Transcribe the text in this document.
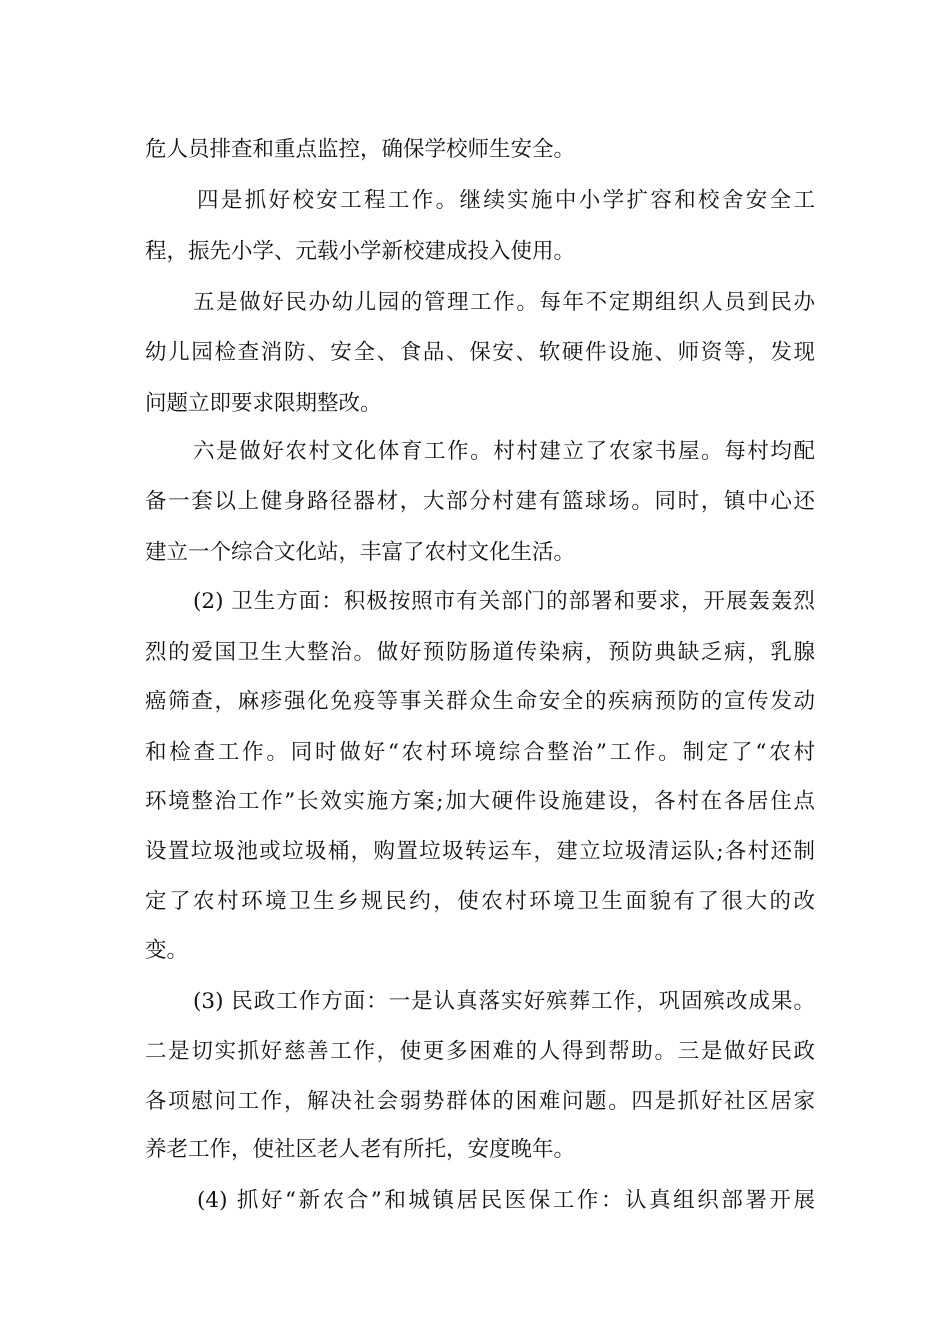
危人员排查和重点监控，确保学校师生安全。
四是抓好校安工程工作。继续实施中小学扩容和校舍安全工
程，振先小学、元载小学新校建成投入使用。
五是做好民办幼儿园的管理工作。每年不定期组织人员到民办
幼儿园检查消防、安全、食品、保安、软硬件设施、师资等，发现
问题立即要求限期整改。
六是做好农村文化体育工作。村村建立了农家书屋。每村均配
备一套以上健身路径器材，大部分村建有篮球场。同时，镇中心还
建立一个综合文化站，丰富了农村文化生活。
(2) 卫生方面：积极按照市有关部门的部署和要求，开展轰轰烈
烈的爱国卫生大整治。做好预防肠道传染病，预防典缺乏病，乳腺
癌筛查，麻疹强化免疫等事关群众生命安全的疾病预防的宣传发动
和检查工作。同时做好“农村环境综合整治”工作。制定了“农村
环境整治工作”长效实施方案;加大硬件设施建设，各村在各居住点
设置垃圾池或垃圾桶，购置垃圾转运车，建立垃圾清运队;各村还制
定了农村环境卫生乡规民约，使农村环境卫生面貌有了很大的改
变。
(3) 民政工作方面：一是认真落实好殡葬工作，巩固殡改成果。
二是切实抓好慈善工作，使更多困难的人得到帮助。三是做好民政
各项慰问工作，解决社会弱势群体的困难问题。四是抓好社区居家
养老工作，使社区老人老有所托，安度晚年。
(4) 抓好“新农合”和城镇居民医保工作：认真组织部署开展
